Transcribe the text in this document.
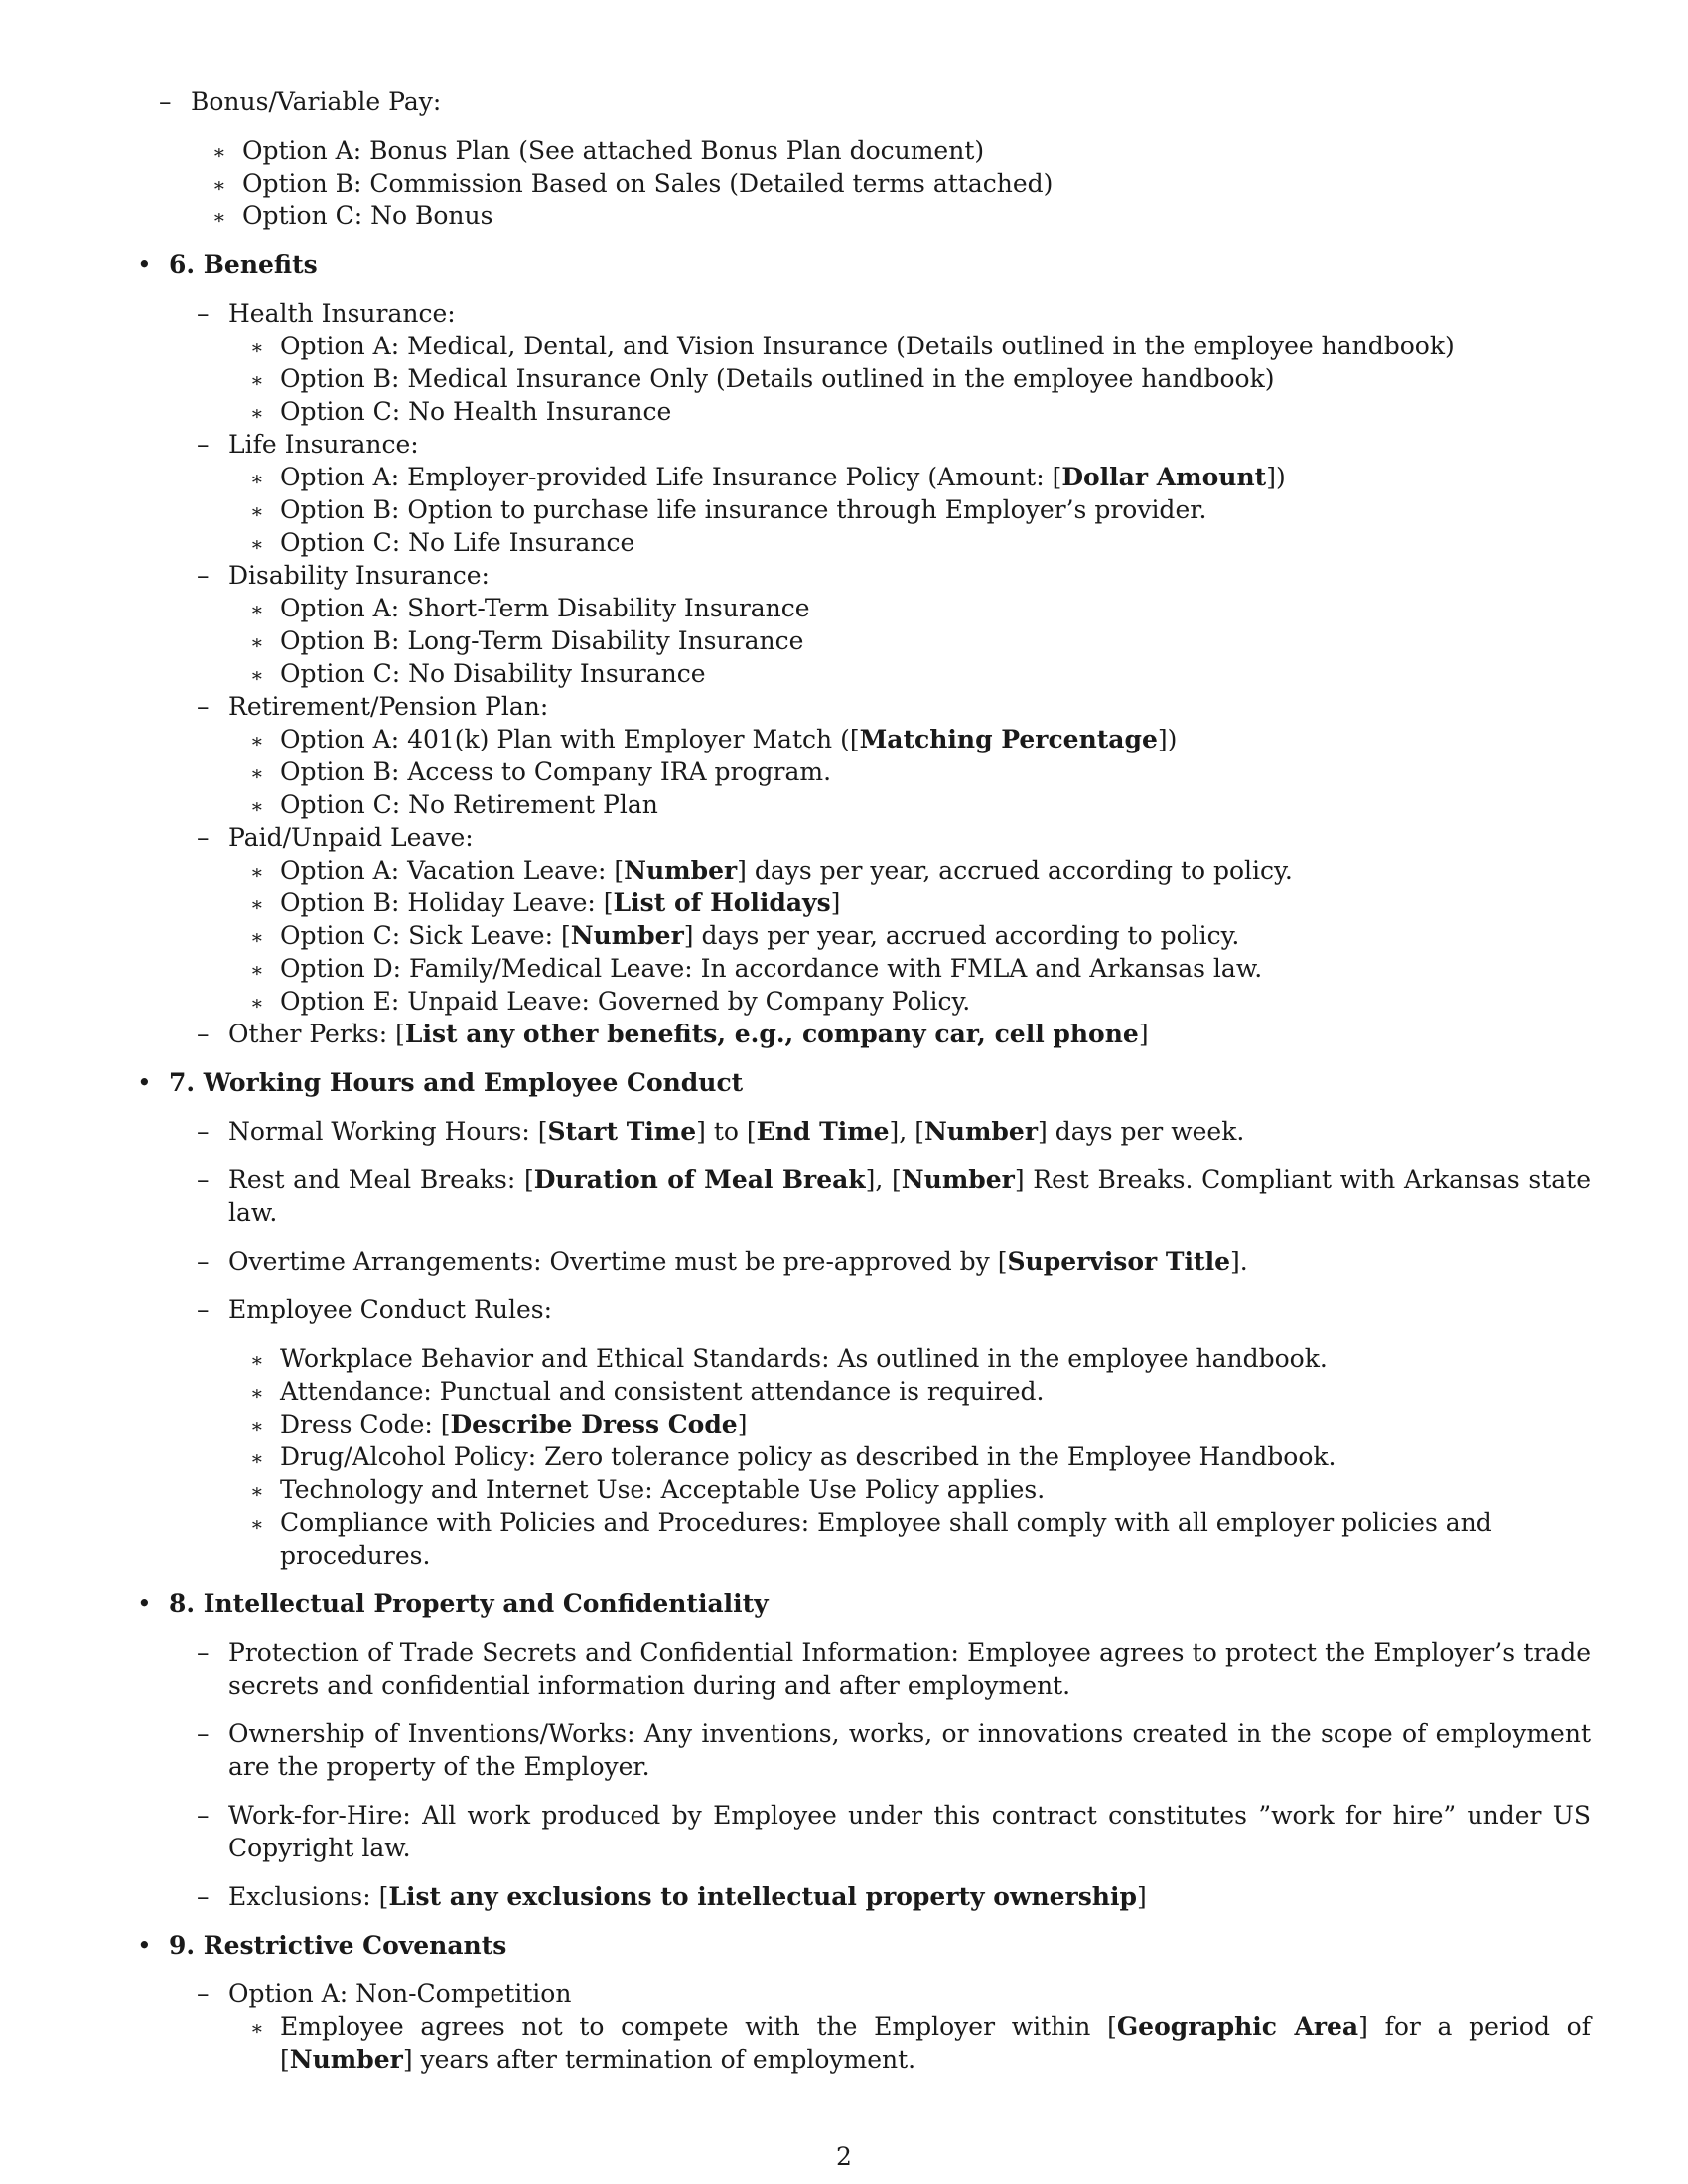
– Bonus/Variable Pay:
∗ Option A: Bonus Plan (See attached Bonus Plan document)
∗ Option B: Commission Based on Sales (Detailed terms attached)
∗ Option C: No Bonus
• 6. Benefits
– Health Insurance:
∗ Option A: Medical, Dental, and Vision Insurance (Details outlined in the employee handbook)
∗ Option B: Medical Insurance Only (Details outlined in the employee handbook)
∗ Option C: No Health Insurance
– Life Insurance:
∗ Option A: Employer-provided Life Insurance Policy (Amount: [Dollar Amount])
∗ Option B: Option to purchase life insurance through Employer’s provider.
∗ Option C: No Life Insurance
– Disability Insurance:
∗ Option A: Short-Term Disability Insurance
∗ Option B: Long-Term Disability Insurance
∗ Option C: No Disability Insurance
– Retirement/Pension Plan:
∗ Option A: 401(k) Plan with Employer Match ([Matching Percentage])
∗ Option B: Access to Company IRA program.
∗ Option C: No Retirement Plan
– Paid/Unpaid Leave:
∗ Option A: Vacation Leave: [Number] days per year, accrued according to policy.
∗ Option B: Holiday Leave: [List of Holidays]
∗ Option C: Sick Leave: [Number] days per year, accrued according to policy.
∗ Option D: Family/Medical Leave: In accordance with FMLA and Arkansas law.
∗ Option E: Unpaid Leave: Governed by Company Policy.
– Other Perks: [List any other benefits, e.g., company car, cell phone]
• 7. Working Hours and Employee Conduct
– Normal Working Hours: [Start Time] to [End Time], [Number] days per week.
– Rest and Meal Breaks: [Duration of Meal Break], [Number] Rest Breaks. Compliant with Arkansas state law.
– Overtime Arrangements: Overtime must be pre-approved by [Supervisor Title].
– Employee Conduct Rules:
∗ Workplace Behavior and Ethical Standards: As outlined in the employee handbook.
∗ Attendance: Punctual and consistent attendance is required.
∗ Dress Code: [Describe Dress Code]
∗ Drug/Alcohol Policy: Zero tolerance policy as described in the Employee Handbook.
∗ Technology and Internet Use: Acceptable Use Policy applies.
∗ Compliance with Policies and Procedures: Employee shall comply with all employer policies and procedures.
• 8. Intellectual Property and Confidentiality
– Protection of Trade Secrets and Confidential Information: Employee agrees to protect the Employer’s trade secrets and confidential information during and after employment.
– Ownership of Inventions/Works: Any inventions, works, or innovations created in the scope of employment are the property of the Employer.
– Work-for-Hire: All work produced by Employee under this contract constitutes ”work for hire” under US Copyright law.
– Exclusions: [List any exclusions to intellectual property ownership]
• 9. Restrictive Covenants
– Option A: Non-Competition
∗ Employee agrees not to compete with the Employer within [Geographic Area] for a period of [Number] years after termination of employment.
2
